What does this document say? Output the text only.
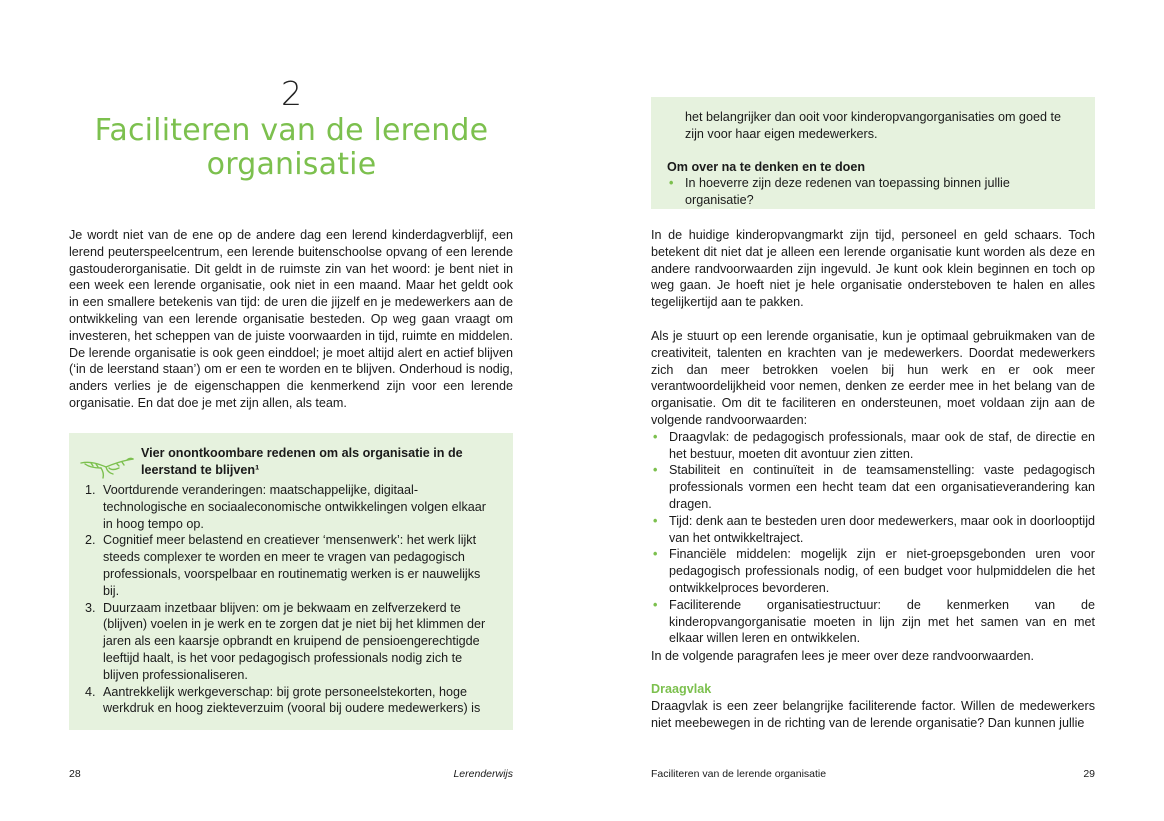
2
Faciliteren van de lerende organisatie

Je wordt niet van de ene op de andere dag een lerend kinderdagverblijf, een lerend peuterspeelcentrum, een lerende buitenschoolse opvang of een lerende gastouderorganisatie. Dit geldt in de ruimste zin van het woord: je bent niet in een week een lerende organisatie, ook niet in een maand. Maar het geldt ook in een smallere betekenis van tijd: de uren die jijzelf en je medewerkers aan de ontwikkeling van een lerende organisatie besteden. Op weg gaan vraagt om investeren, het scheppen van de juiste voorwaarden in tijd, ruimte en middelen. De lerende organisatie is ook geen einddoel; je moet altijd alert en actief blijven (‘in de leerstand staan’) om er een te worden en te blijven. Onderhoud is nodig, anders verlies je de eigenschappen die kenmerkend zijn voor een lerende organisatie. En dat doe je met zijn allen, als team.

Vier onontkoombare redenen om als organisatie in de leerstand te blijven¹
1. Voortdurende veranderingen: maatschappelijke, digitaal-technologische en sociaaleconomische ontwikkelingen volgen elkaar in hoog tempo op.
2. Cognitief meer belastend en creatiever ‘mensenwerk’: het werk lijkt steeds complexer te worden en meer te vragen van pedagogisch professionals, voorspelbaar en routinematig werken is er nauwelijks bij.
3. Duurzaam inzetbaar blijven: om je bekwaam en zelfverzekerd te (blijven) voelen in je werk en te zorgen dat je niet bij het klimmen der jaren als een kaarsje opbrandt en kruipend de pensioengerechtigde leeftijd haalt, is het voor pedagogisch professionals nodig zich te blijven professionaliseren.
4. Aantrekkelijk werkgeverschap: bij grote personeelstekorten, hoge werkdruk en hoog ziekteverzuim (vooral bij oudere medewerkers) is
28	Lerenderwijs
het belangrijker dan ooit voor kinderopvangorganisaties om goed te zijn voor haar eigen medewerkers.
Om over na te denken en te doen
• In hoeverre zijn deze redenen van toepassing binnen jullie organisatie?

In de huidige kinderopvangmarkt zijn tijd, personeel en geld schaars. Toch betekent dit niet dat je alleen een lerende organisatie kunt worden als deze en andere randvoorwaarden zijn ingevuld. Je kunt ook klein beginnen en toch op weg gaan. Je hoeft niet je hele organisatie ondersteboven te halen en alles tegelijkertijd aan te pakken.

Als je stuurt op een lerende organisatie, kun je optimaal gebruikmaken van de creativiteit, talenten en krachten van je medewerkers. Doordat medewerkers zich dan meer betrokken voelen bij hun werk en er ook meer verantwoordelijkheid voor nemen, denken ze eerder mee in het belang van de organisatie. Om dit te faciliteren en ondersteunen, moet voldaan zijn aan de volgende randvoorwaarden:

• Draagvlak: de pedagogisch professionals, maar ook de staf, de directie en het bestuur, moeten dit avontuur zien zitten.
• Stabiliteit en continuïteit in de teamsamenstelling: vaste pedagogisch professionals vormen een hecht team dat een organisatieverandering kan dragen.
• Tijd: denk aan te besteden uren door medewerkers, maar ook in doorlooptijd van het ontwikkeltraject.
• Financiële middelen: mogelijk zijn er niet-groepsgebonden uren voor pedagogisch professionals nodig, of een budget voor hulpmiddelen die het ontwikkelproces bevorderen.
• Faciliterende organisatiestructuur: de kenmerken van de kinderopvangorganisatie moeten in lijn zijn met het samen van en met elkaar willen leren en ontwikkelen.

In de volgende paragrafen lees je meer over deze randvoorwaarden.

Draagvlak

Draagvlak is een zeer belangrijke faciliterende factor. Willen de medewerkers niet meebewegen in de richting van de lerende organisatie? Dan kunnen jullie

Faciliteren van de lerende organisatie	29
